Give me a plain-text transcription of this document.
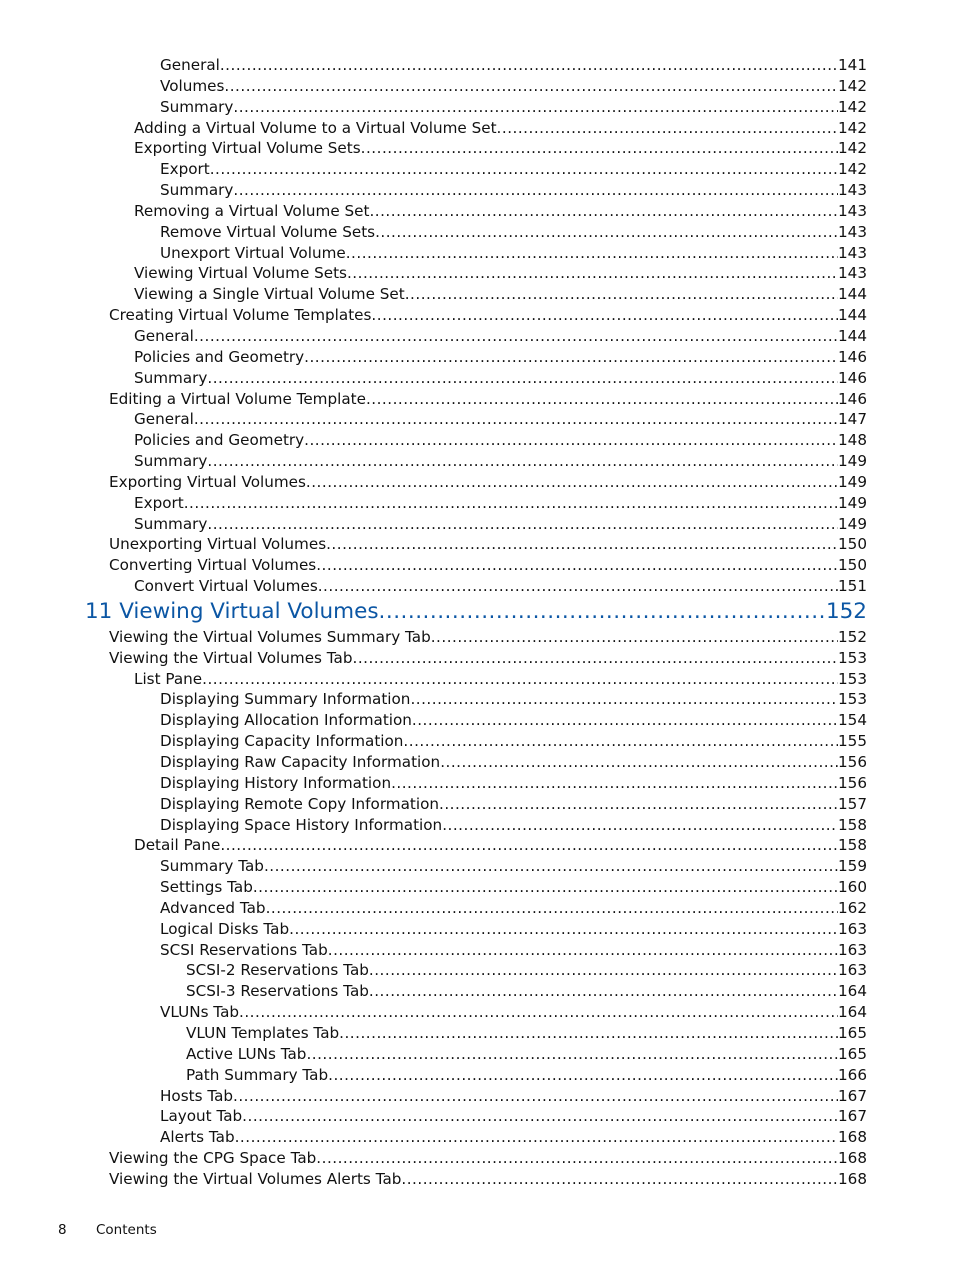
General .....	141
Volumes .....	142
Summary .....	142
Adding a Virtual Volume to a Virtual Volume Set .....	142
Exporting Virtual Volume Sets .....	142
Export .....	142
Summary .....	143
Removing a Virtual Volume Set .....	143
Remove Virtual Volume Sets .....	143
Unexport Virtual Volume .....	143
Viewing Virtual Volume Sets .....	143
Viewing a Single Virtual Volume Set .....	144
Creating Virtual Volume Templates .....	144
General .....	144
Policies and Geometry .....	146
Summary .....	146
Editing a Virtual Volume Template .....	146
General .....	147
Policies and Geometry .....	148
Summary .....	149
Exporting Virtual Volumes .....	149
Export .....	149
Summary .....	149
Unexporting Virtual Volumes .....	150
Converting Virtual Volumes .....	150
Convert Virtual Volumes .....	151
11 Viewing Virtual Volumes .....	152
Viewing the Virtual Volumes Summary Tab .....	152
Viewing the Virtual Volumes Tab .....	153
List Pane .....	153
Displaying Summary Information .....	153
Displaying Allocation Information .....	154
Displaying Capacity Information .....	155
Displaying Raw Capacity Information .....	156
Displaying History Information .....	156
Displaying Remote Copy Information .....	157
Displaying Space History Information .....	158
Detail Pane .....	158
Summary Tab .....	159
Settings Tab .....	160
Advanced Tab .....	162
Logical Disks Tab .....	163
SCSI Reservations Tab .....	163
SCSI-2 Reservations Tab .....	163
SCSI-3 Reservations Tab .....	164
VLUNs Tab .....	164
VLUN Templates Tab .....	165
Active LUNs Tab .....	165
Path Summary Tab .....	166
Hosts Tab .....	167
Layout Tab .....	167
Alerts Tab .....	168
Viewing the CPG Space Tab .....	168
Viewing the Virtual Volumes Alerts Tab .....	168
8 Contents
